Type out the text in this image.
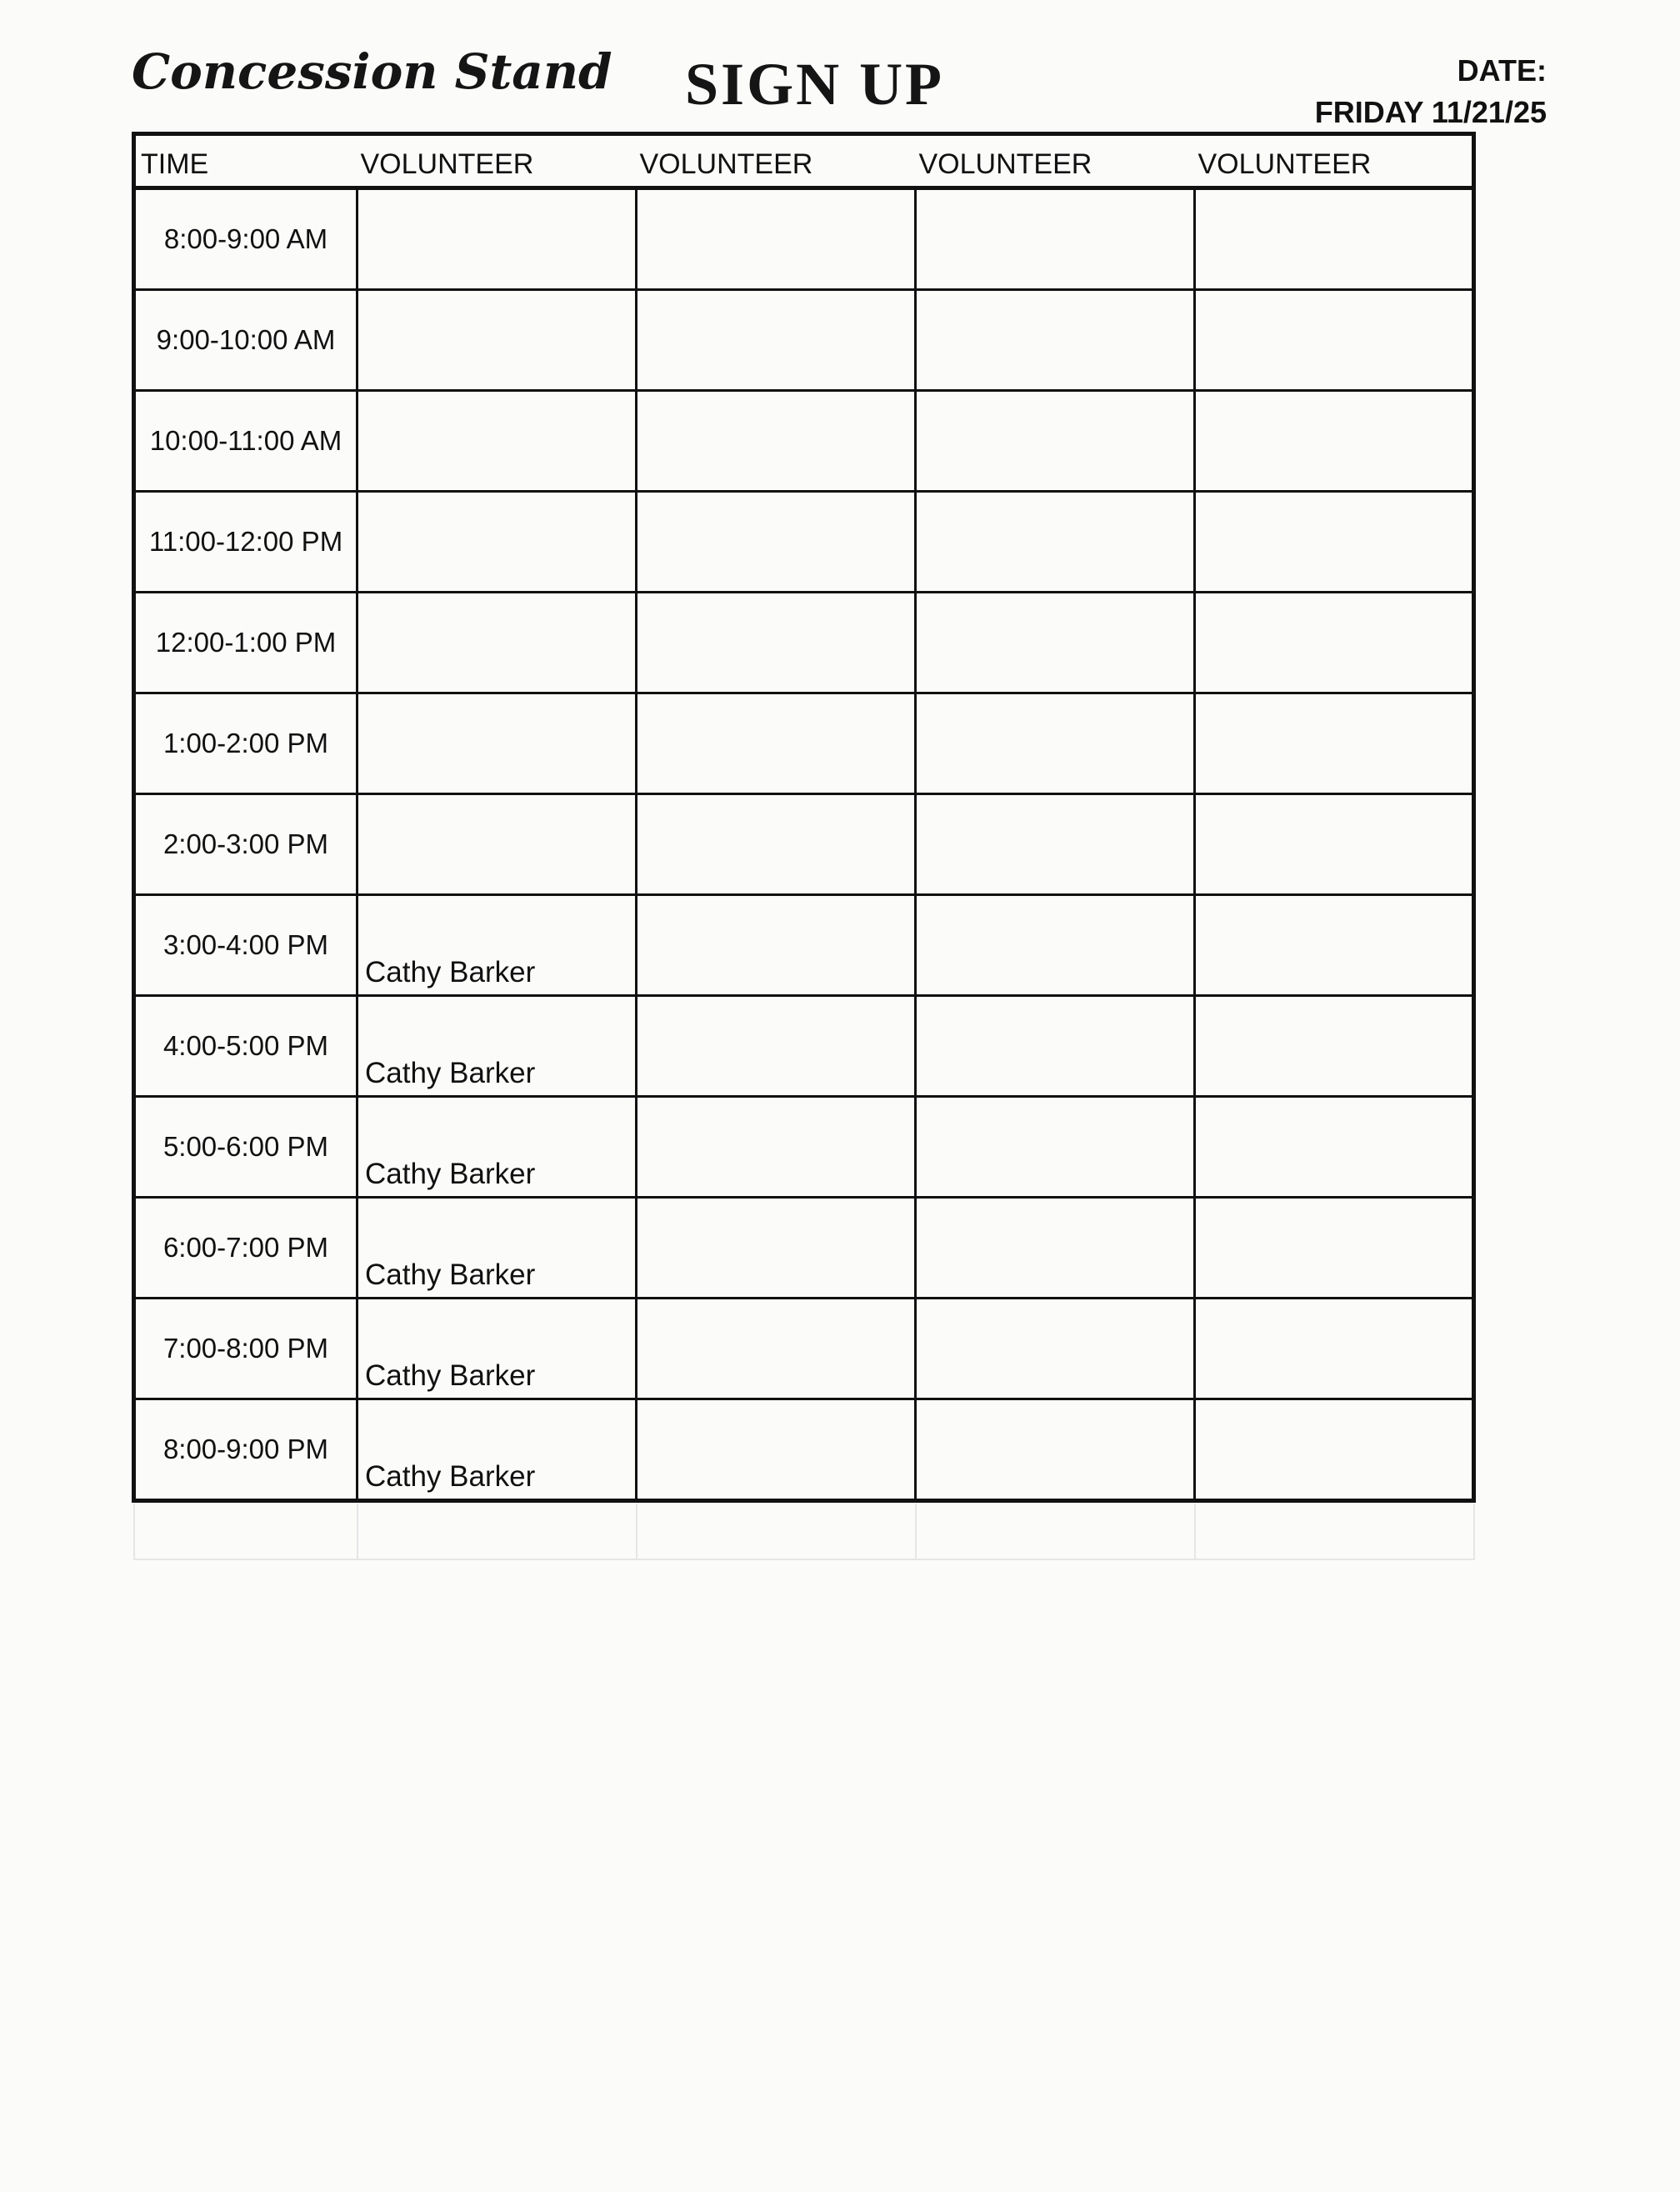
Concession Stand SIGN UP	DATE:
FRIDAY 11/21/25
TIME	VOLUNTEER	VOLUNTEER	VOLUNTEER	VOLUNTEER
8:00-9:00 AM	

9:00-10:00 AM	

10:00-11:00 AM	

11:00-12:00 PM	

12:00-1:00 PM	

1:00-2:00 PM	

2:00-3:00 PM	

3:00-4:00 PM	Cathy Barker			

4:00-5:00 PM	Cathy Barker			

5:00-6:00 PM	Cathy Barker			

6:00-7:00 PM	Cathy Barker			

7:00-8:00 PM	Cathy Barker			

8:00-9:00 PM	Cathy Barker			
